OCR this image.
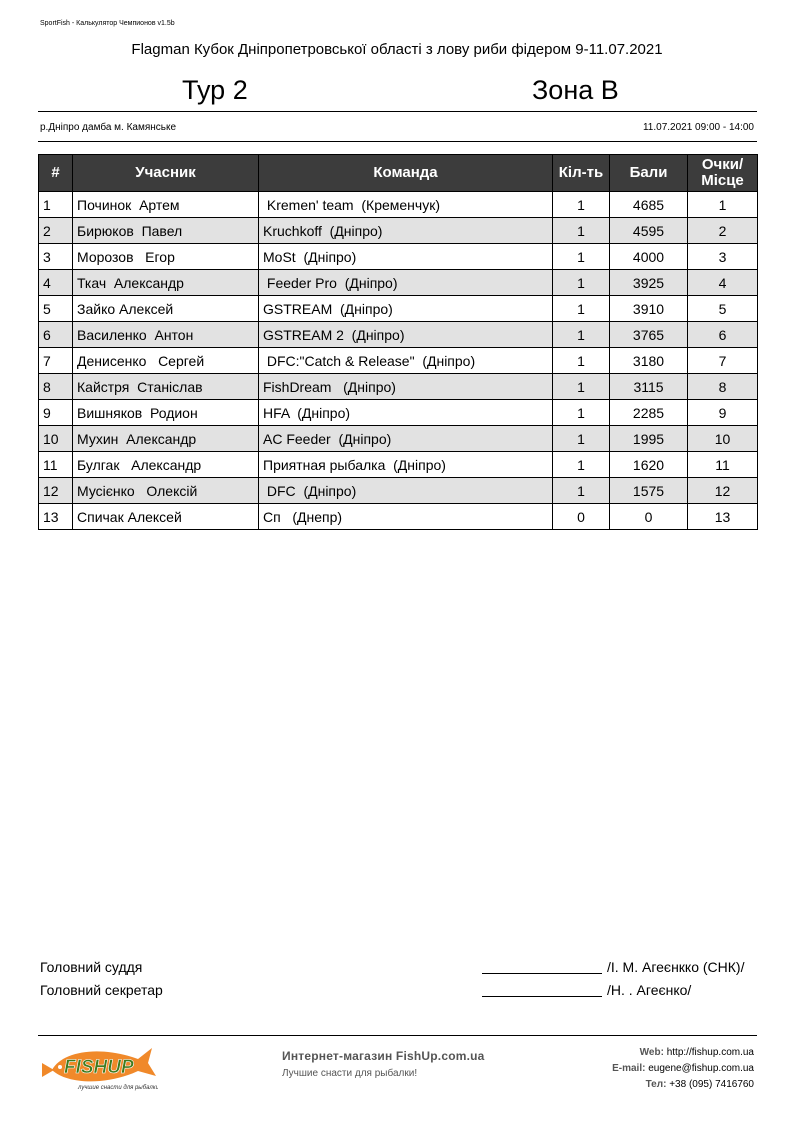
SportFish - Калькулятор Чемпионов v1.5b
Flagman Кубок Дніпропетровської області з лову риби фідером 9-11.07.2021
Тур 2	Зона В
р.Дніпро дамба м. Камянське	11.07.2021 09:00 - 14:00
#	Учасник	Команда	Кіл-ть	Бали	Очки/
Місце
1	Починок  Артем	Kremen' team  (Кременчук)	1	4685	1
2	Бирюков  Павел	Kruchkoff  (Дніпро)	1	4595	2
3	Морозов   Егор	MoSt  (Дніпро)	1	4000	3
4	Ткач  Александр	Feeder Pro  (Дніпро)	1	3925	4
5	Зайко Алексей	GSTREAM  (Дніпро)	1	3910	5
6	Василенко  Антон	GSTREAM 2  (Дніпро)	1	3765	6
7	Денисенко   Сергей	DFC:"Catch & Release"  (Дніпро)	1	3180	7
8	Кайстря  Станіслав	FishDream   (Дніпро)	1	3115	8
9	Вишняков  Родион	HFA  (Дніпро)	1	2285	9
10	Мухин  Александр	AC Feeder  (Дніпро)	1	1995	10
11	Булгак   Александр	Приятная рыбалка  (Дніпро)	1	1620	11
12	Мусієнко   Олексій	DFC  (Дніпро)	1	1575	12
13	Спичак Алексей	Сп   (Днепр)	0	0	13
Головний суддя	/І. М. Агеєнкко (СНК)/
Головний секретар	/Н. . Агеєнко/
FISHUP
лучшие снасти для рыбалки
Интернет-магазин FishUp.com.ua
Лучшие снасти для рыбалки!
Web: http://fishup.com.ua
E-mail: eugene@fishup.com.ua
Тел: +38 (095) 7416760
